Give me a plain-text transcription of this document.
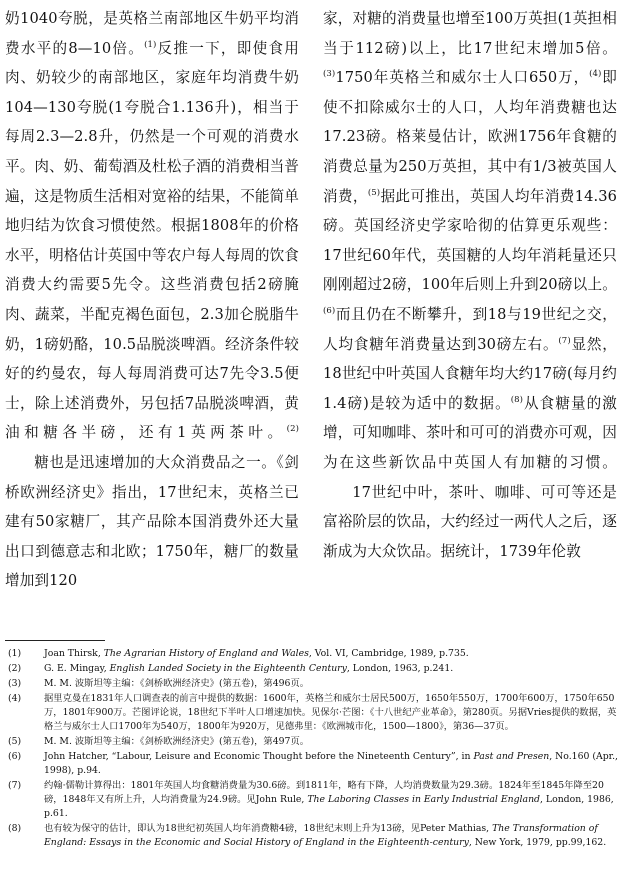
奶1040夸脱，是英格兰南部地区牛奶平均消费水平的8—10倍。$^{(1)}$反推一下，即使食用肉、奶较少的南部地区，家庭年均消费牛奶104—130夸脱(1夸脱合1.136升)，相当于每周2.3—2.8升，仍然是一个可观的消费水平。肉、奶、葡萄酒及杜松子酒的消费相当普遍，这是物质生活相对宽裕的结果，不能简单地归结为饮食习惯使然。根据1808年的价格水平，明格估计英国中等农户每人每周的饮食消费大约需要5先令。这些消费包括2磅腌肉、蔬菜，半配克褐色面包，2.3加仑脱脂牛奶，1磅奶酪，10.5品脱淡啤酒。经济条件较好的约曼农，每人每周消费可达7先令3.5便士，除上述消费外，另包括7品脱淡啤酒，黄油和糖各半磅，还有1英两茶叶。$^{(2)}$

糖也是迅速增加的大众消费品之一。《剑桥欧洲经济史》指出，17世纪末，英格兰已建有50家糖厂，其产品除本国消费外还大量出口到德意志和北欧；1750年，糖厂的数量增加到120

家，对糖的消费量也增至100万英担(1英担相当于112磅)以上，比17世纪末增加5倍。$^{(3)}$1750年英格兰和威尔士人口650万，$^{(4)}$即使不扣除威尔士的人口，人均年消费糖也达17.23磅。格莱曼估计，欧洲1756年食糖的消费总量为250万英担，其中有1/3被英国人消费，$^{(5)}$据此可推出，英国人均年消费14.36磅。英国经济史学家哈彻的估算更乐观些：17世纪60年代，英国糖的人均年消耗量还只刚刚超过2磅，100年后则上升到20磅以上。$^{(6)}$而且仍在不断攀升，到18与19世纪之交，人均食糖年消费量达到30磅左右。$^{(7)}$显然，18世纪中叶英国人食糖年均大约17磅(每月约1.4磅)是较为适中的数据。$^{(8)}$从食糖量的激增，可知咖啡、茶叶和可可的消费亦可观，因为在这些新饮品中英国人有加糖的习惯。

17世纪中叶，茶叶、咖啡、可可等还是富裕阶层的饮品，大约经过一两代人之后，逐渐成为大众饮品。据统计，1739年伦敦

(1) Joan Thirsk, The Agrarian History of England and Wales, Vol. VI, Cambridge, 1989, p.735.
(2) G. E. Mingay, English Landed Society in the Eighteenth Century, London, 1963, p.241.
(3) M. M. 波斯坦等主编：《剑桥欧洲经济史》(第五卷)，第496页。
(4) 据里克曼在1831年人口调查表的前言中提供的数据：1600年，英格兰和威尔士居民500万，1650年550万，1700年600万，1750年650万，1801年900万。芒图评论说，18世纪下半叶人口增速加快。见保尔·芒图：《十八世纪产业革命》，第280页。另据Vries提供的数据，英格兰与威尔士人口1700年为540万，1800年为920万，见德弗里：《欧洲城市化，1500—1800》，第36—37页。
(5) M. M. 波斯坦等主编：《剑桥欧洲经济史》(第五卷)，第497页。
(6) John Hatcher, “Labour, Leisure and Economic Thought before the Nineteenth Century”, in Past and Presen, No.160 (Apr., 1998), p.94.
(7) 约翰·儒勒计算得出：1801年英国人均食糖消费量为30.6磅。到1811年，略有下降，人均消费数量为29.3磅。1824年至1845年降至20磅，1848年又有所上升，人均消费量为24.9磅。见John Rule, The Laboring Classes in Early Industrial England, London, 1986, p.61.
(8) 也有较为保守的估计，即认为18世纪初英国人均年消费糖4磅，18世纪末则上升为13磅，见Peter Mathias, The Transformation of England: Essays in the Economic and Social History of England in the Eighteenth-century, New York, 1979, pp.99,162.
